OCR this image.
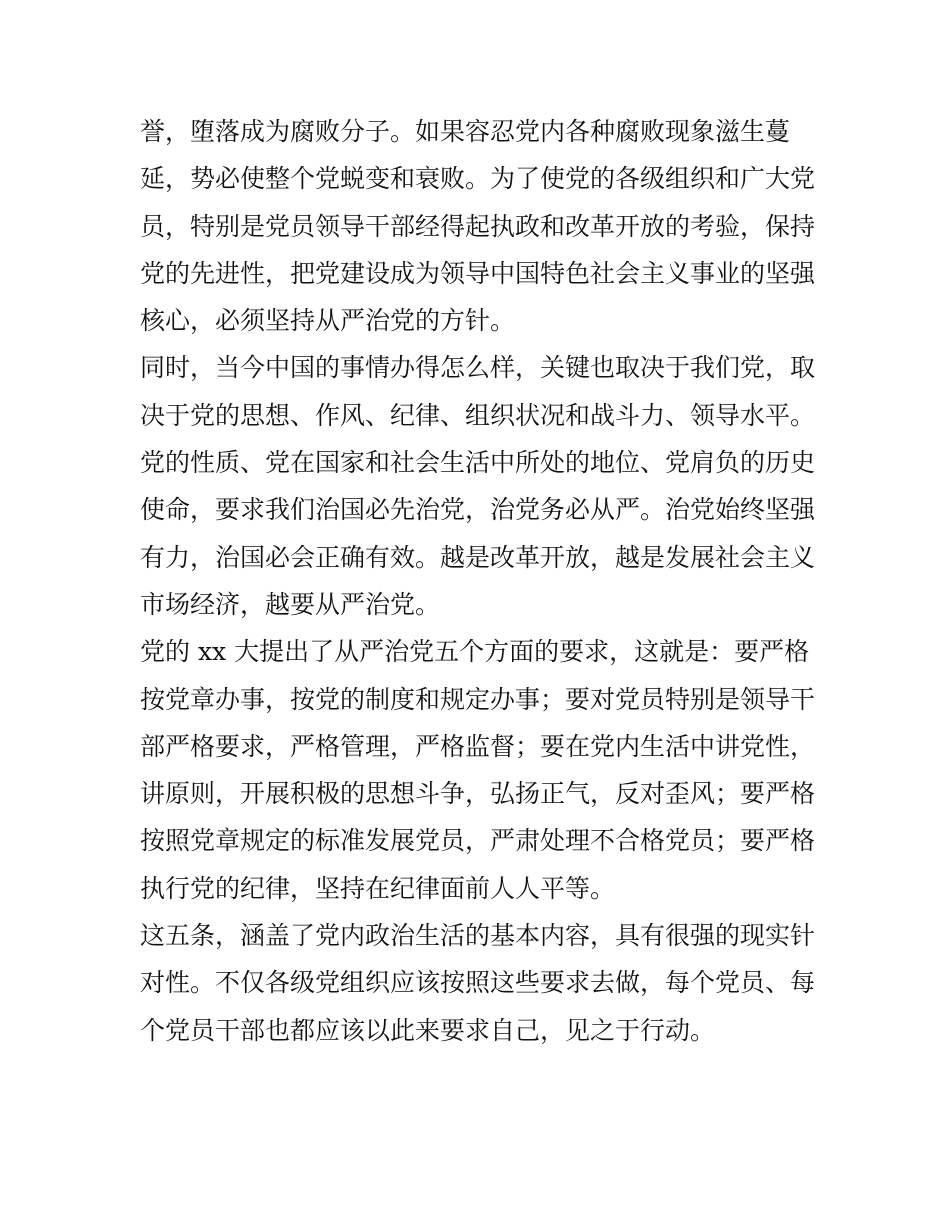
誉，堕落成为腐败分子。如果容忍党内各种腐败现象滋生蔓
延，势必使整个党蜕变和衰败。为了使党的各级组织和广大党
员，特别是党员领导干部经得起执政和改革开放的考验，保持
党的先进性，把党建设成为领导中国特色社会主义事业的坚强
核心，必须坚持从严治党的方针。
同时，当今中国的事情办得怎么样，关键也取决于我们党，取
决于党的思想、作风、纪律、组织状况和战斗力、领导水平。
党的性质、党在国家和社会生活中所处的地位、党肩负的历史
使命，要求我们治国必先治党，治党务必从严。治党始终坚强
有力，治国必会正确有效。越是改革开放，越是发展社会主义
市场经济，越要从严治党。
党的 xx 大提出了从严治党五个方面的要求，这就是：要严格
按党章办事，按党的制度和规定办事；要对党员特别是领导干
部严格要求，严格管理，严格监督；要在党内生活中讲党性，
讲原则，开展积极的思想斗争，弘扬正气，反对歪风；要严格
按照党章规定的标准发展党员，严肃处理不合格党员；要严格
执行党的纪律，坚持在纪律面前人人平等。
这五条，涵盖了党内政治生活的基本内容，具有很强的现实针
对性。不仅各级党组织应该按照这些要求去做，每个党员、每
个党员干部也都应该以此来要求自己，见之于行动。
